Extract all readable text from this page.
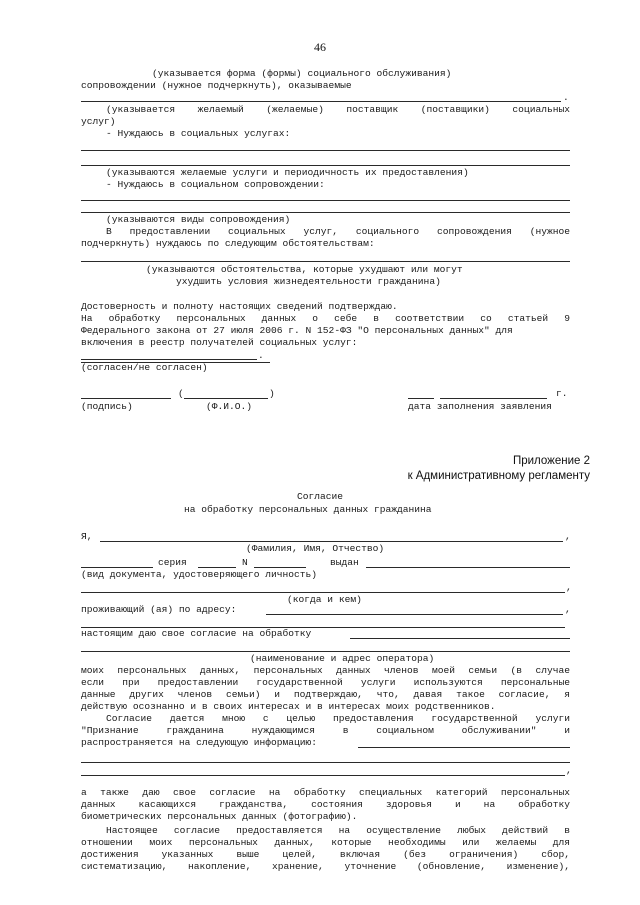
46
(указывается форма (формы) социального обслуживания)
сопровождении (нужное подчеркнуть), оказываемые
.
(указывается желаемый (желаемые) поставщик (поставщики) социальных
услуг)
- Нуждаюсь в социальных услугах:
(указываются желаемые услуги и периодичность их предоставления)
- Нуждаюсь в социальном сопровождении:
(указываются виды сопровождения)
В предоставлении социальных услуг, социального сопровождения (нужное
подчеркнуть) нуждаюсь по следующим обстоятельствам:
(указываются обстоятельства, которые ухудшают или могут
ухудшить условия жизнедеятельности гражданина)
Достоверность и полноту настоящих сведений подтверждаю.
На обработку персональных данных о себе в соответствии со статьей 9
Федерального закона от 27 июля 2006 г. N 152-ФЗ "О персональных данных" для
включения в реестр получателей социальных услуг:
.
(согласен/не согласен)
(	)	г.
(подпись)	(Ф.И.О.)	дата заполнения заявления
Приложение 2
к Административному регламенту
Согласие
на обработку персональных данных гражданина
Я,	,
(Фамилия, Имя, Отчество)
серия	N	выдан
(вид документа, удостоверяющего личность)
,
(когда и кем)
проживающий (ая) по адресу:	,
настоящим даю свое согласие на обработку
(наименование и адрес оператора)
моих персональных данных, персональных данных членов моей семьи (в случае
если при предоставлении государственной услуги используются персональные
данные других членов семьи) и подтверждаю, что, давая такое согласие, я
действую осознанно и в своих интересах и в интересах моих родственников.
Согласие дается мною с целью предоставления государственной услуги
"Признание гражданина нуждающимся в социальном обслуживании" и
распространяется на следующую информацию:
,
а также даю свое согласие на обработку специальных категорий персональных
данных касающихся гражданства, состояния здоровья и на обработку
биометрических персональных данных (фотографию).
Настоящее согласие предоставляется на осуществление любых действий в
отношении моих персональных данных, которые необходимы или желаемы для
достижения указанных выше целей, включая (без ограничения) сбор,
систематизацию, накопление, хранение, уточнение (обновление, изменение),
